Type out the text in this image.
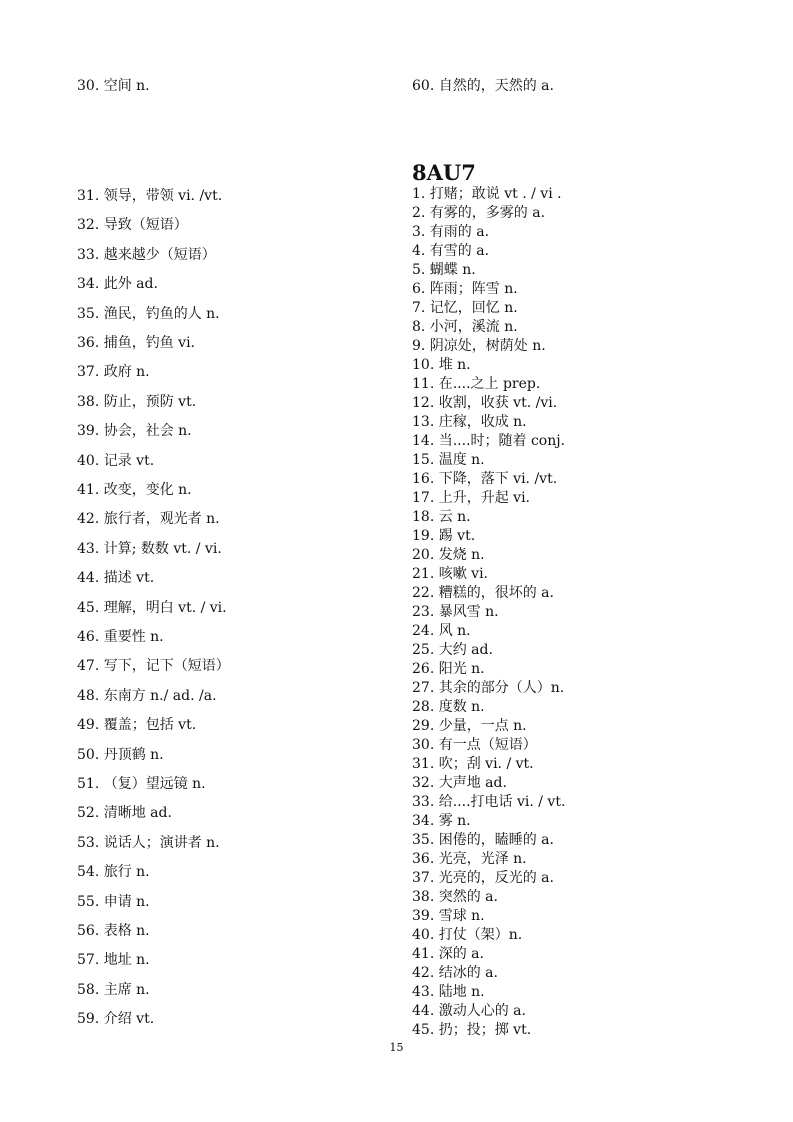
30. 空间 n.
31. 领导，带领 vi. /vt.
32. 导致（短语）
33. 越来越少（短语）
34. 此外 ad.
35. 渔民，钓鱼的人 n.
36. 捕鱼，钓鱼 vi.
37. 政府 n.
38. 防止，预防 vt.
39. 协会，社会 n.
40. 记录 vt.
41. 改变，变化 n.
42. 旅行者，观光者 n.
43. 计算; 数数 vt. / vi.
44. 描述 vt.
45. 理解，明白 vt. / vi.
46. 重要性 n.
47. 写下，记下（短语）
48. 东南方 n./ ad. /a.
49. 覆盖；包括 vt.
50. 丹顶鹤 n.
51. （复）望远镜 n.
52. 清晰地 ad.
53. 说话人；演讲者 n.
54. 旅行 n.
55. 申请 n.
56. 表格 n.
57. 地址 n.
58. 主席 n.
59. 介绍 vt.
60. 自然的，天然的 a.
8AU7
1. 打赌；敢说 vt . / vi .
2. 有雾的，多雾的 a.
3. 有雨的 a.
4. 有雪的 a.
5. 蝴蝶 n.
6. 阵雨；阵雪 n.
7. 记忆，回忆 n.
8. 小河，溪流 n.
9. 阴凉处，树荫处 n.
10. 堆 n.
11. 在....之上 prep.
12. 收割，收获 vt. /vi.
13. 庄稼，收成 n.
14. 当....时；随着 conj.
15. 温度 n.
16. 下降，落下 vi. /vt.
17. 上升，升起 vi.
18. 云 n.
19. 踢 vt.
20. 发烧 n.
21. 咳嗽 vi.
22. 糟糕的，很坏的 a.
23. 暴风雪 n.
24. 风 n.
25. 大约 ad.
26. 阳光 n.
27. 其余的部分（人）n.
28. 度数 n.
29. 少量，一点 n.
30. 有一点（短语）
31. 吹；刮 vi. / vt.
32. 大声地 ad.
33. 给....打电话 vi. / vt.
34. 雾 n.
35. 困倦的，瞌睡的 a.
36. 光亮，光泽 n.
37. 光亮的，反光的 a.
38. 突然的 a.
39. 雪球 n.
40. 打仗（架）n.
41. 深的 a.
42. 结冰的 a.
43. 陆地 n.
44. 激动人心的 a.
45. 扔；投；掷 vt.
15
